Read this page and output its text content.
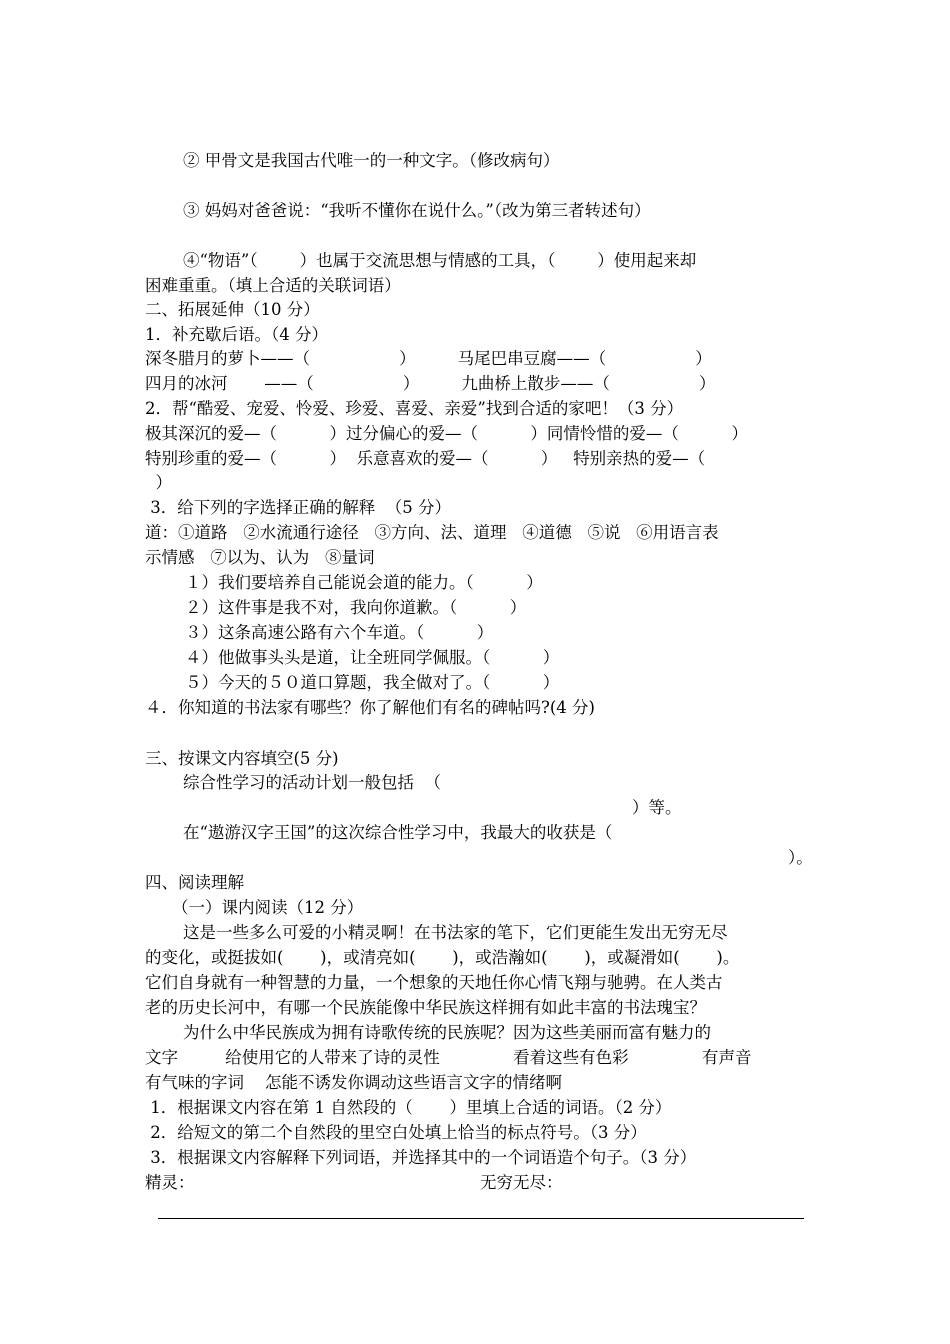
② 甲骨文是我国古代唯一的一种文字。（修改病句）
③ 妈妈对爸爸说：“我听不懂你在说什么。”（改为第三者转述句）
④“物语”（        ）也属于交流思想与情感的工具，（        ）使用起来却
困难重重。（填上合适的关联词语）
二、拓展延伸（10 分）
1．补充歇后语。（4 分）
深冬腊月的萝卜——（                 ）        马尾巴串豆腐——（                 ）
四月的冰河       ——（                 ）        九曲桥上散步——（                 ）
2．帮“酷爱、宠爱、怜爱、珍爱、喜爱、亲爱”找到合适的家吧！（3 分）
极其深沉的爱—（          ）过分偏心的爱—（          ）同情怜惜的爱—（          ）
特别珍重的爱—（          ）  乐意喜欢的爱—（          ）   特别亲热的爱—（
）
3．给下列的字选择正确的解释  （5 分）
道：①道路   ②水流通行途径   ③方向、法、道理   ④道德   ⑤说   ⑥用语言表
示情感   ⑦以为、认为   ⑧量词
１）我们要培养自己能说会道的能力。（          ）
２）这件事是我不对，我向你道歉。（          ）
３）这条高速公路有六个车道。（          ）
４）他做事头头是道，让全班同学佩服。（          ）
５）今天的５０道口算题，我全做对了。（          ）
４．你知道的书法家有哪些？你了解他们有名的碑帖吗?(4 分)
三、按课文内容填空(5 分)
综合性学习的活动计划一般包括  （
）等。
在“遨游汉字王国”的这次综合性学习中，我最大的收获是（
）。
四、阅读理解
（一）课内阅读（12 分）
这是一些多么可爱的小精灵啊！在书法家的笔下，它们更能生发出无穷无尽
的变化，或挺拔如(       )，或清亮如(       )，或浩瀚如(       )，或凝滑如(       )。
它们自身就有一种智慧的力量，一个想象的天地任你心情飞翔与驰骋。在人类古
老的历史长河中，有哪一个民族能像中华民族这样拥有如此丰富的书法瑰宝？
为什么中华民族成为拥有诗歌传统的民族呢？因为这些美丽而富有魅力的
文字         给使用它的人带来了诗的灵性              看着这些有色彩              有声音
有气味的字词    怎能不诱发你调动这些语言文字的情绪啊
1．根据课文内容在第 1 自然段的（       ）里填上合适的词语。（2 分）
2．给短文的第二个自然段的里空白处填上恰当的标点符号。（3 分）
3．根据课文内容解释下列词语，并选择其中的一个词语造个句子。（3 分）
精灵：	无穷无尽：
